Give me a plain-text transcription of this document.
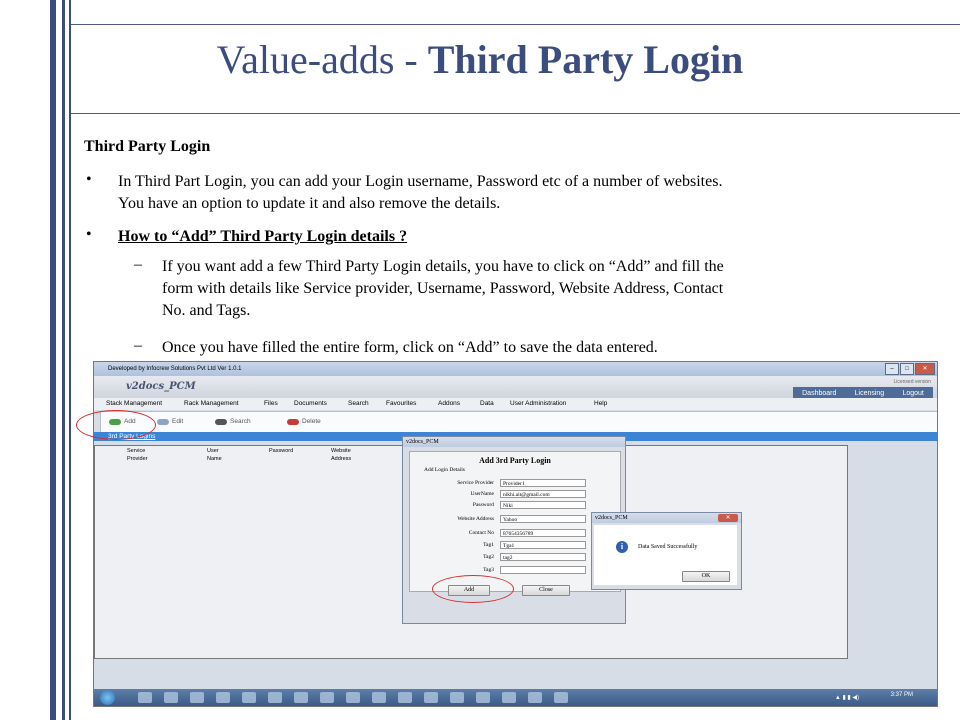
Value-adds - Third Party Login
Third Party Login
• In Third Part Login, you can add your Login username, Password etc of a number of websites.
You have an option to update it and also remove the details.
• How to “Add” Third Party Login details ?
– If you want add a few Third Party Login details, you have to click on “Add” and fill the
form with details like Service provider, Username, Password, Website Address, Contact
No. and Tags.
– Once you have filled the entire form, click on “Add” to save the data entered.
Developed by Infocrew Solutions Pvt Ltd Ver 1.0.1	–	□	✕
v2docs_PCM	Licensed version
Dashboard	Licensing	Logout
Stack Management	Rack Management	Files	Documents	Search	Favourites	Addons	Data	User Administration	Help
Add	Edit	Search	Delete
3rd Party Logins
Service Provider
User Name
Password	Website Address
▲ ▮ ▮ ◀)	3:37 PM
v2docs_PCM
Add 3rd Party Login
Add Login Details
Service Provider	Provider1
UserName	nikhi.ait@gmail.com
Password	Niki
Website Address	Yahoo
Contact No	87654356789
Tag1	Tga1
Tag2	tag2
Tag3
Add	Close
v2docs_PCM	✕
i	Data Saved Successfully
OK
